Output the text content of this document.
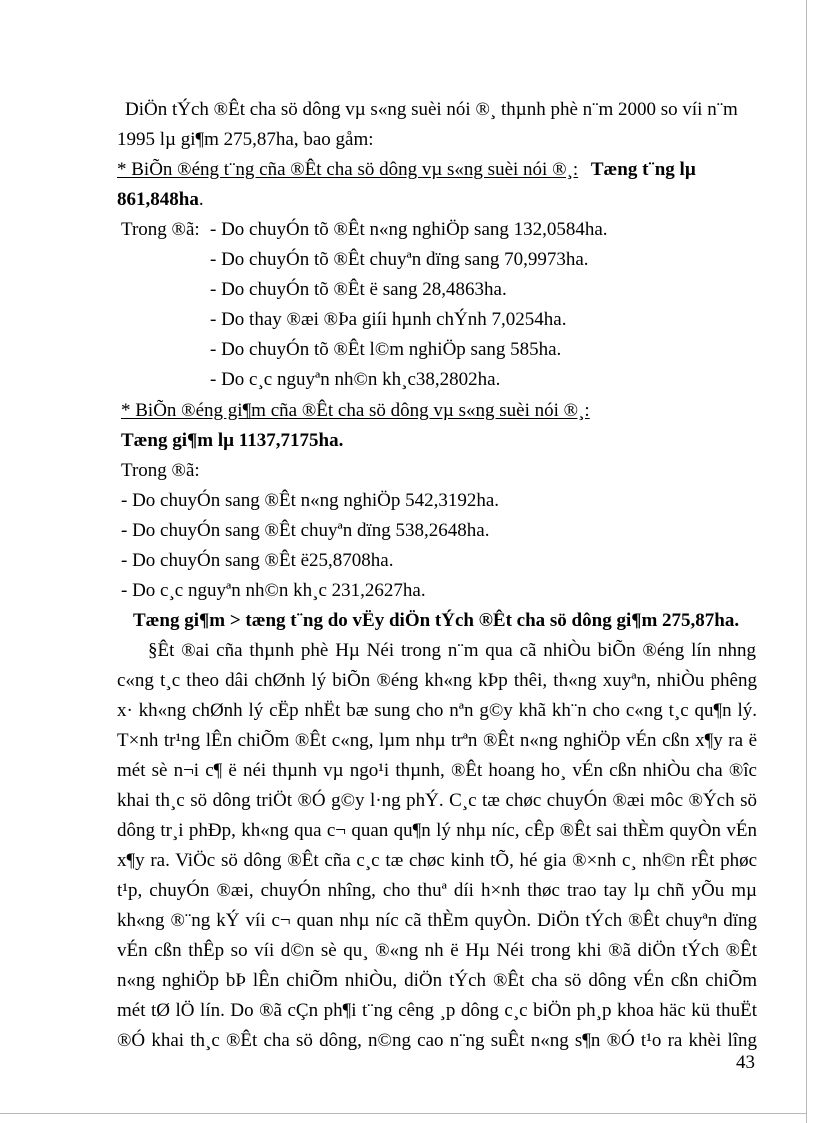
DiÖn tÝch ®Êt cha sö dông vµ s«ng suèi nói ®¸ thµnh phè n¨m 2000 so víi n¨m
1995 lµ gi¶m 275,87ha, bao gåm:
* BiÕn ®éng t¨ng cña ®Êt cha sö dông vµ s«ng suèi nói ®¸: Tæng t¨ng lµ
861,848ha.
Trong ®ã: - Do chuyÓn tõ ®Êt n«ng nghiÖp sang 132,0584ha.
- Do chuyÓn tõ ®Êt chuyªn dïng sang 70,9973ha.
- Do chuyÓn tõ ®Êt ë sang 28,4863ha.
- Do thay ®æi ®Þa giíi hµnh chÝnh 7,0254ha.
- Do chuyÓn tõ ®Êt l©m nghiÖp sang 585ha.
- Do c¸c nguyªn nh©n kh¸c38,2802ha.
* BiÕn ®éng gi¶m cña ®Êt cha sö dông vµ s«ng suèi nói ®¸:
Tæng gi¶m lµ 1137,7175ha.
Trong ®ã:
- Do chuyÓn sang ®Êt n«ng nghiÖp 542,3192ha.
- Do chuyÓn sang ®Êt chuyªn dïng 538,2648ha.
- Do chuyÓn sang ®Êt ë25,8708ha.
- Do c¸c nguyªn nh©n kh¸c 231,2627ha.
Tæng gi¶m > tæng t¨ng do vËy diÖn tÝch ®Êt cha sö dông gi¶m 275,87ha.
§Êt ®ai cña thµnh phè Hµ Néi trong n¨m qua cã nhiÒu biÕn ®éng lín nhng
c«ng t¸c theo dâi chØnh lý biÕn ®éng kh«ng kÞp thêi, th«ng xuyªn, nhiÒu phêng
x· kh«ng chØnh lý cËp nhËt bæ sung cho nªn g©y khã kh¨n cho c«ng t¸c qu¶n lý.
T×nh tr¹ng lÊn chiÕm ®Êt c«ng, lµm nhµ trªn ®Êt n«ng nghiÖp vÉn cßn x¶y ra ë
mét sè n¬i c¶ ë néi thµnh vµ ngo¹i thµnh, ®Êt hoang ho¸ vÉn cßn nhiÒu cha ®îc
khai th¸c sö dông triÖt ®Ó g©y l·ng phÝ. C¸c tæ chøc chuyÓn ®æi môc ®Ých sö
dông tr¸i phÐp, kh«ng qua c¬ quan qu¶n lý nhµ níc, cÊp ®Êt sai thÈm quyÒn vÉn
x¶y ra. ViÖc sö dông ®Êt cña c¸c tæ chøc kinh tÕ, hé gia ®×nh c¸ nh©n rÊt phøc
t¹p, chuyÓn ®æi, chuyÓn nhîng, cho thuª díi h×nh thøc trao tay lµ chñ yÕu mµ
kh«ng ®¨ng kÝ víi c¬ quan nhµ níc cã thÈm quyÒn. DiÖn tÝch ®Êt chuyªn dïng
vÉn cßn thÊp so víi d©n sè qu¸ ®«ng nh ë Hµ Néi trong khi ®ã diÖn tÝch ®Êt
n«ng nghiÖp bÞ lÊn chiÕm nhiÒu, diÖn tÝch ®Êt cha sö dông vÉn cßn chiÕm
mét tØ lÖ lín. Do ®ã cÇn ph¶i t¨ng cêng ¸p dông c¸c biÖn ph¸p khoa häc kü thuËt
®Ó khai th¸c ®Êt cha sö dông, n©ng cao n¨ng suÊt n«ng s¶n ®Ó t¹o ra khèi lîng
43
